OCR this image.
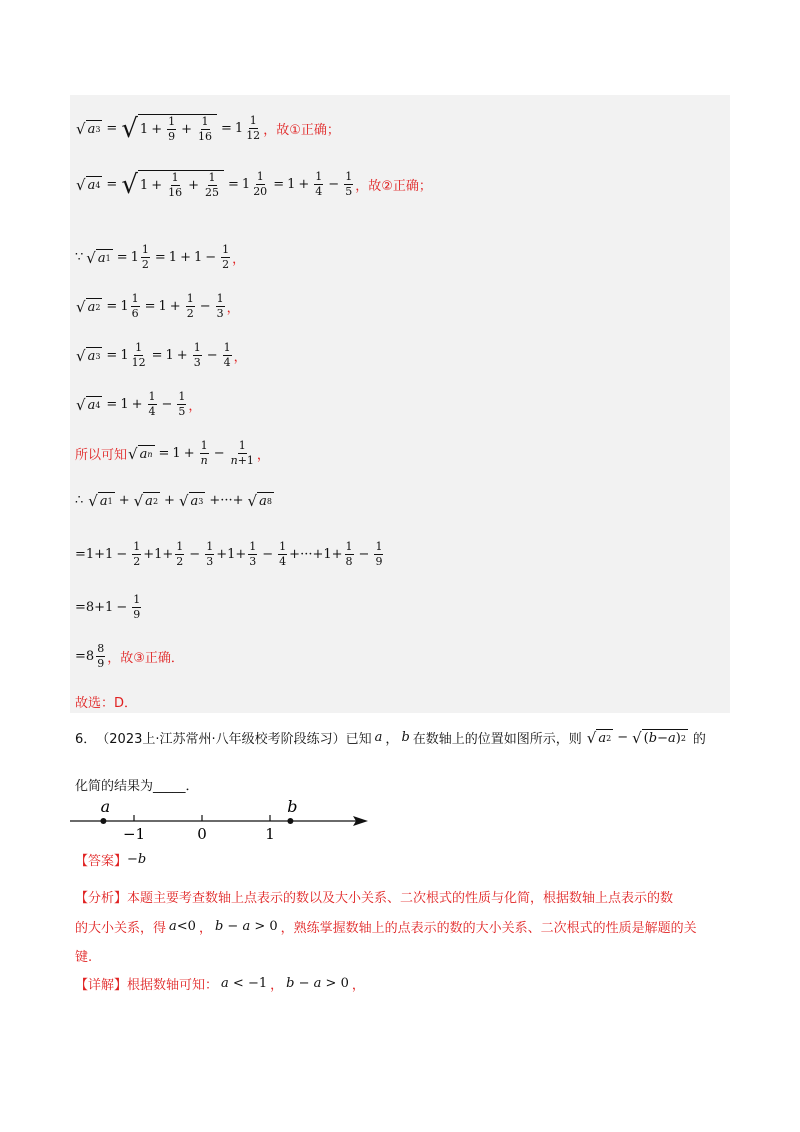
√ a 3 = √ $1 + \frac{1}{9} + \frac{1}{16} = 1 \frac{1}{12}$ ，故①正确；
√ a 4 = √ $1 + \frac{1}{16} + \frac{1}{25} = 1 \frac{1}{20} = 1 + \frac{1}{4} - \frac{1}{5}$ ，故②正确；
∵ √ a $1 = 1 \frac{1}{2} = 1 + 1 - \frac{1}{2}$ ，
√ a $2 = 1 \frac{1}{6} = 1 + \frac{1}{2} - \frac{1}{3}$ ，
√ a $3 = 1 \frac{1}{12} = 1 + \frac{1}{3} - \frac{1}{4}$ ，
√ a $4 = 1 + \frac{1}{4} - \frac{1}{5}$ ，
所以可知 √ a $n = 1 + \frac{1}{n} - \frac{1}{n+1}$ ，
∴ √ a 1 + √ a 2 + √ a 3 +···+ √ a 8
$=1+1 - \frac{1}{2} +1+ \frac{1}{2} - \frac{1}{3} +1+ \frac{1}{3} - \frac{1}{4} +\cdot\cdot\cdot+1+ \frac{1}{8} - \frac{1}{9}$
$=8+1 - \frac{1}{9}$
= $8 \frac{8}{9}$ ，故③正确．
故选：D．
6． （2023上·江苏常州·八年级校考阶段练习） 已知 a ， b 在数轴上的位置如图所示，则 √ a 2 − √ ( b − a ) 2 的
化简的结果为 _____．
−1	0	1
a	b
【答案】 −b
【分析】 本题主要考查数轴上点表示的数以及大小关系、二次根式的性质与化简，根据数轴上点表示的数
的大小关系，得 a<0 ， b − a > 0 ，熟练掌握数轴上的点表示的数的大小关系、二次根式的性质是解题的关
键.
【详解】 根据数轴可知： a < −1 ， b − a > 0 ，
